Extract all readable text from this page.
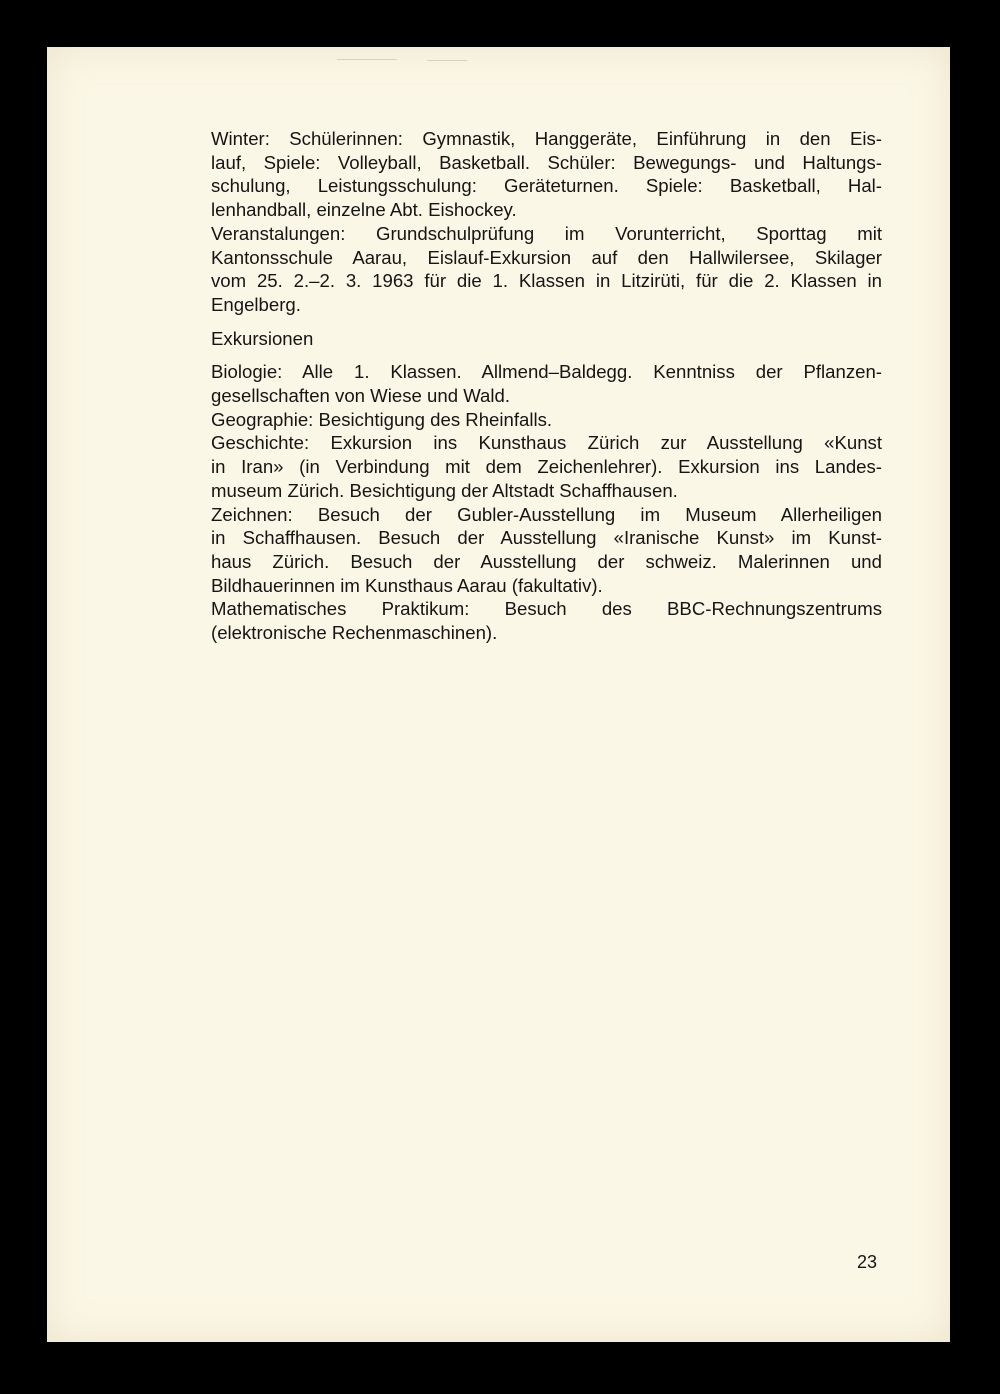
Winter: Schülerinnen: Gymnastik, Hanggeräte, Einführung in den Eis-

lauf, Spiele: Volleyball, Basketball. Schüler: Bewegungs- und Haltungs-

schulung, Leistungsschulung: Geräteturnen. Spiele: Basketball, Hal-

lenhandball, einzelne Abt. Eishockey.

Veranstalungen: Grundschulprüfung im Vorunterricht, Sporttag mit

Kantonsschule Aarau, Eislauf-Exkursion auf den Hallwilersee, Skilager

vom 25. 2.–2. 3. 1963 für die 1. Klassen in Litzirüti, für die 2. Klassen in

Engelberg.

Exkursionen

Biologie: Alle 1. Klassen. Allmend–Baldegg. Kenntniss der Pflanzen-

gesellschaften von Wiese und Wald.

Geographie: Besichtigung des Rheinfalls.

Geschichte: Exkursion ins Kunsthaus Zürich zur Ausstellung «Kunst

in Iran» (in Verbindung mit dem Zeichenlehrer). Exkursion ins Landes-

museum Zürich. Besichtigung der Altstadt Schaffhausen.

Zeichnen: Besuch der Gubler-Ausstellung im Museum Allerheiligen

in Schaffhausen. Besuch der Ausstellung «Iranische Kunst» im Kunst-

haus Zürich. Besuch der Ausstellung der schweiz. Malerinnen und

Bildhauerinnen im Kunsthaus Aarau (fakultativ).

Mathematisches Praktikum: Besuch des BBC-Rechnungszentrums

(elektronische Rechenmaschinen).

23
